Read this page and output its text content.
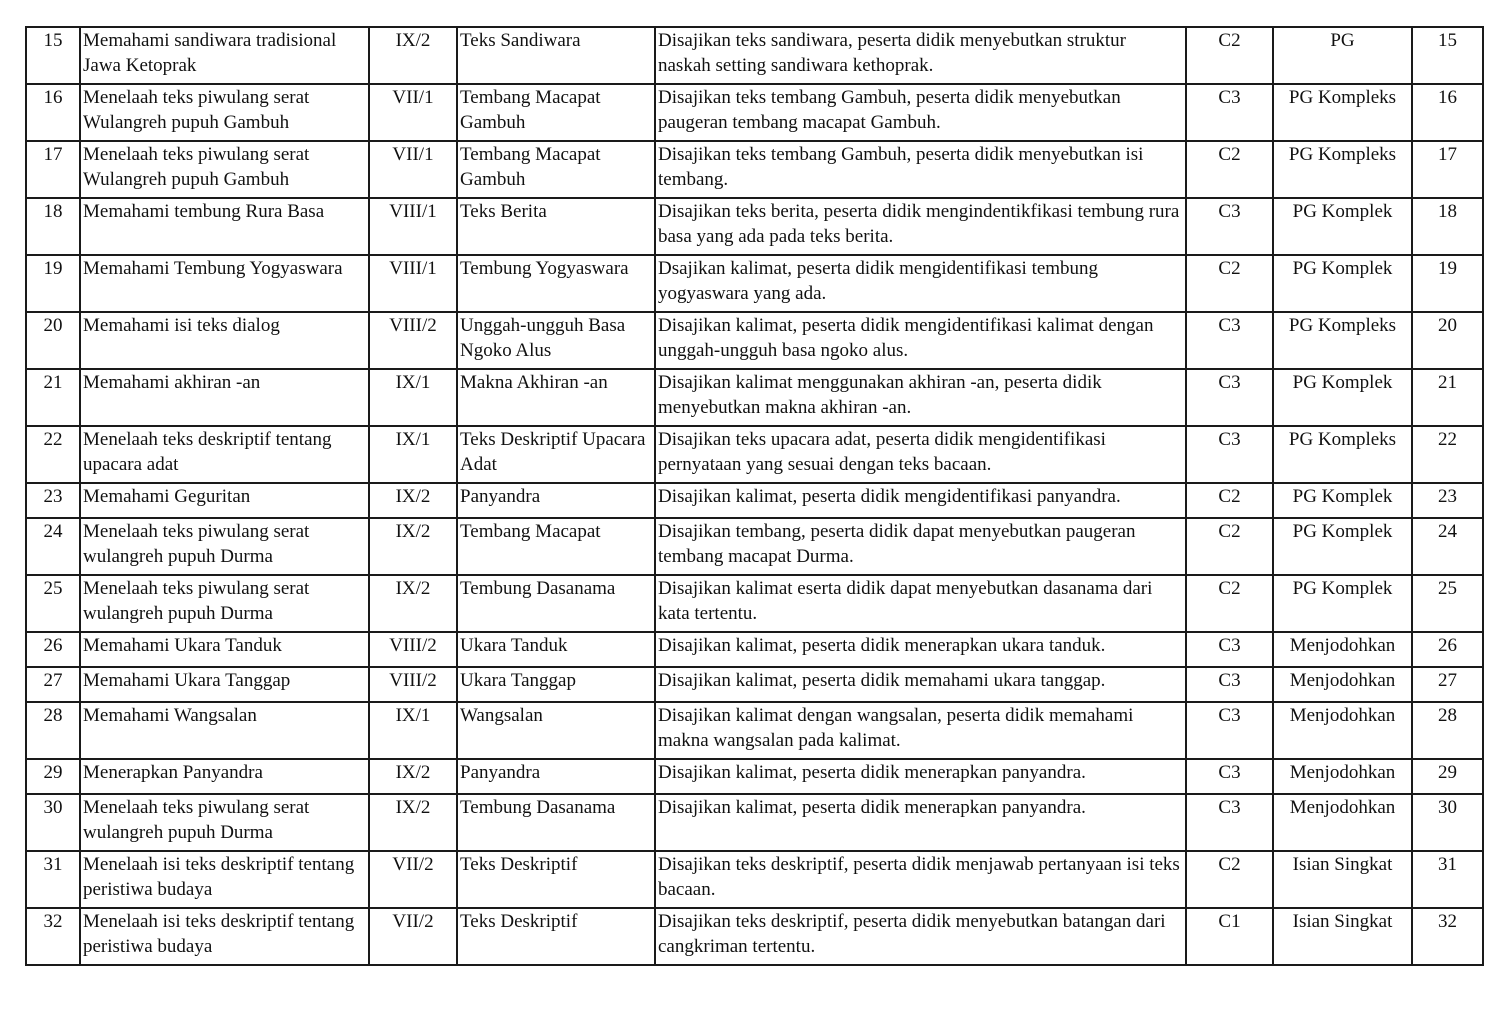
15	Memahami sandiwara tradisional Jawa Ketoprak	IX/2	Teks Sandiwara	Disajikan teks sandiwara, peserta didik menyebutkan struktur naskah setting sandiwara kethoprak.	C2	PG	15
16	Menelaah teks piwulang serat Wulangreh pupuh Gambuh	VII/1	Tembang Macapat Gambuh	Disajikan teks tembang Gambuh, peserta didik menyebutkan paugeran tembang macapat Gambuh.	C3	PG Kompleks	16
17	Menelaah teks piwulang serat Wulangreh pupuh Gambuh	VII/1	Tembang Macapat Gambuh	Disajikan teks tembang Gambuh, peserta didik menyebutkan isi tembang.	C2	PG Kompleks	17
18	Memahami tembung Rura Basa	VIII/1	Teks Berita	Disajikan teks berita, peserta didik mengindentikfikasi tembung rura basa yang ada pada teks berita.	C3	PG Komplek	18
19	Memahami Tembung Yogyaswara	VIII/1	Tembung Yogyaswara	Dsajikan kalimat, peserta didik mengidentifikasi tembung yogyaswara yang ada.	C2	PG Komplek	19
20	Memahami isi teks dialog	VIII/2	Unggah-ungguh Basa Ngoko Alus	Disajikan kalimat, peserta didik mengidentifikasi kalimat dengan unggah-ungguh basa ngoko alus.	C3	PG Kompleks	20
21	Memahami akhiran -an	IX/1	Makna Akhiran -an	Disajikan kalimat menggunakan akhiran -an, peserta didik menyebutkan makna akhiran -an.	C3	PG Komplek	21
22	Menelaah teks deskriptif tentang upacara adat	IX/1	Teks Deskriptif Upacara Adat	Disajikan teks upacara adat, peserta didik mengidentifikasi pernyataan yang sesuai dengan teks bacaan.	C3	PG Kompleks	22
23	Memahami Geguritan	IX/2	Panyandra	Disajikan kalimat, peserta didik mengidentifikasi panyandra.	C2	PG Komplek	23
24	Menelaah teks piwulang serat wulangreh pupuh Durma	IX/2	Tembang Macapat	Disajikan tembang, peserta didik dapat menyebutkan paugeran tembang macapat Durma.	C2	PG Komplek	24
25	Menelaah teks piwulang serat wulangreh pupuh Durma	IX/2	Tembung Dasanama	Disajikan kalimat eserta didik dapat menyebutkan dasanama dari kata tertentu.	C2	PG Komplek	25
26	Memahami Ukara Tanduk	VIII/2	Ukara Tanduk	Disajikan kalimat, peserta didik menerapkan ukara tanduk.	C3	Menjodohkan	26
27	Memahami Ukara Tanggap	VIII/2	Ukara Tanggap	Disajikan kalimat, peserta didik memahami ukara tanggap.	C3	Menjodohkan	27
28	Memahami Wangsalan	IX/1	Wangsalan	Disajikan kalimat dengan wangsalan, peserta didik memahami makna wangsalan pada kalimat.	C3	Menjodohkan	28
29	Menerapkan Panyandra	IX/2	Panyandra	Disajikan kalimat, peserta didik menerapkan panyandra.	C3	Menjodohkan	29
30	Menelaah teks piwulang serat wulangreh pupuh Durma	IX/2	Tembung Dasanama	Disajikan kalimat, peserta didik menerapkan panyandra.	C3	Menjodohkan	30
31	Menelaah isi teks deskriptif tentang peristiwa budaya	VII/2	Teks Deskriptif	Disajikan teks deskriptif, peserta didik menjawab pertanyaan isi teks bacaan.	C2	Isian Singkat	31
32	Menelaah isi teks deskriptif tentang peristiwa budaya	VII/2	Teks Deskriptif	Disajikan teks deskriptif, peserta didik menyebutkan batangan dari cangkriman tertentu.	C1	Isian Singkat	32
